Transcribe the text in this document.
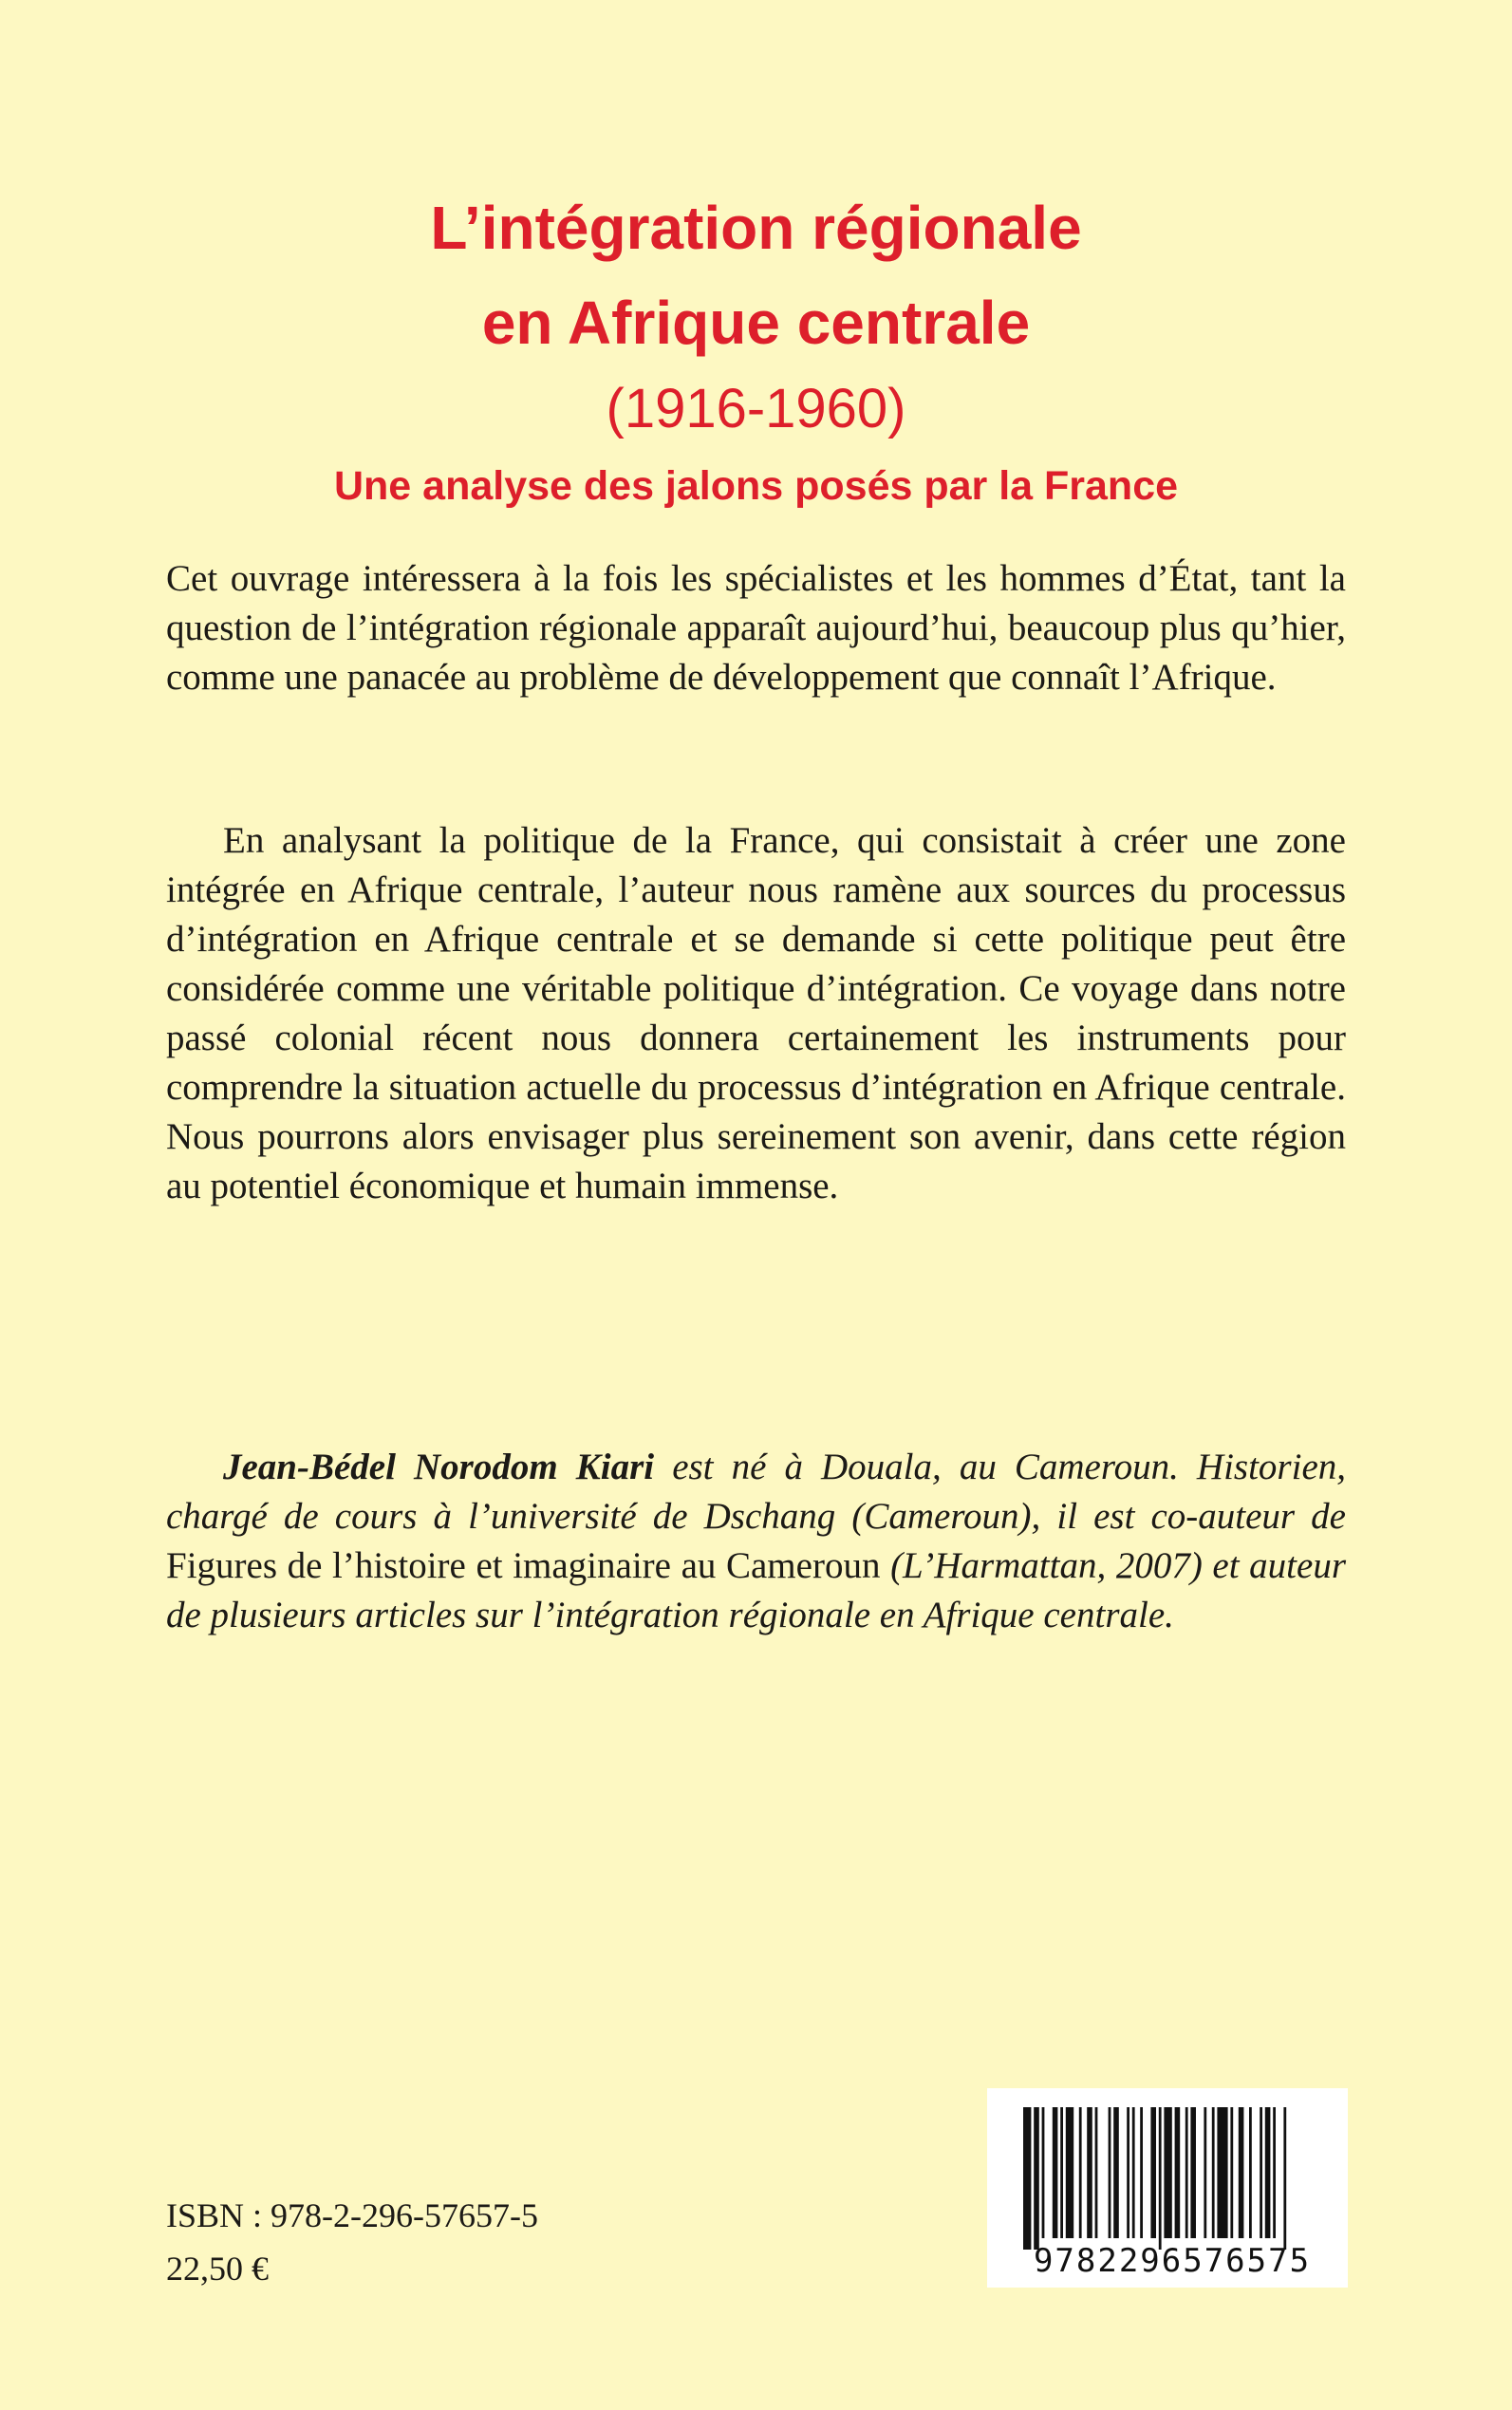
L’intégration régionale
en Afrique centrale
(1916-1960)
Une analyse des jalons posés par la France

Cet ouvrage intéressera à la fois les spécialistes et les hommes d’État, tant la question de l’intégration régionale apparaît aujourd’hui, beaucoup plus qu’hier, comme une panacée au problème de développement que connaît l’Afrique.

En analysant la politique de la France, qui consistait à créer une zone intégrée en Afrique centrale, l’auteur nous ramène aux sources du processus d’intégration en Afrique centrale et se demande si cette politique peut être considérée comme une véritable politique d’intégration. Ce voyage dans notre passé colonial récent nous donnera certainement les instruments pour comprendre la situation actuelle du processus d’intégration en Afrique centrale. Nous pourrons alors envisager plus sereinement son avenir, dans cette région au potentiel économique et humain immense.

Jean-Bédel Norodom Kiari est né à Douala, au Cameroun. Historien, chargé de cours à l’université de Dschang (Cameroun), il est co-auteur de Figures de l’histoire et imaginaire au Cameroun (L’Harmattan, 2007) et auteur de plusieurs articles sur l’intégration régionale en Afrique centrale.

ISBN : 978-2-296-57657-5
22,50 €	9782296576575
